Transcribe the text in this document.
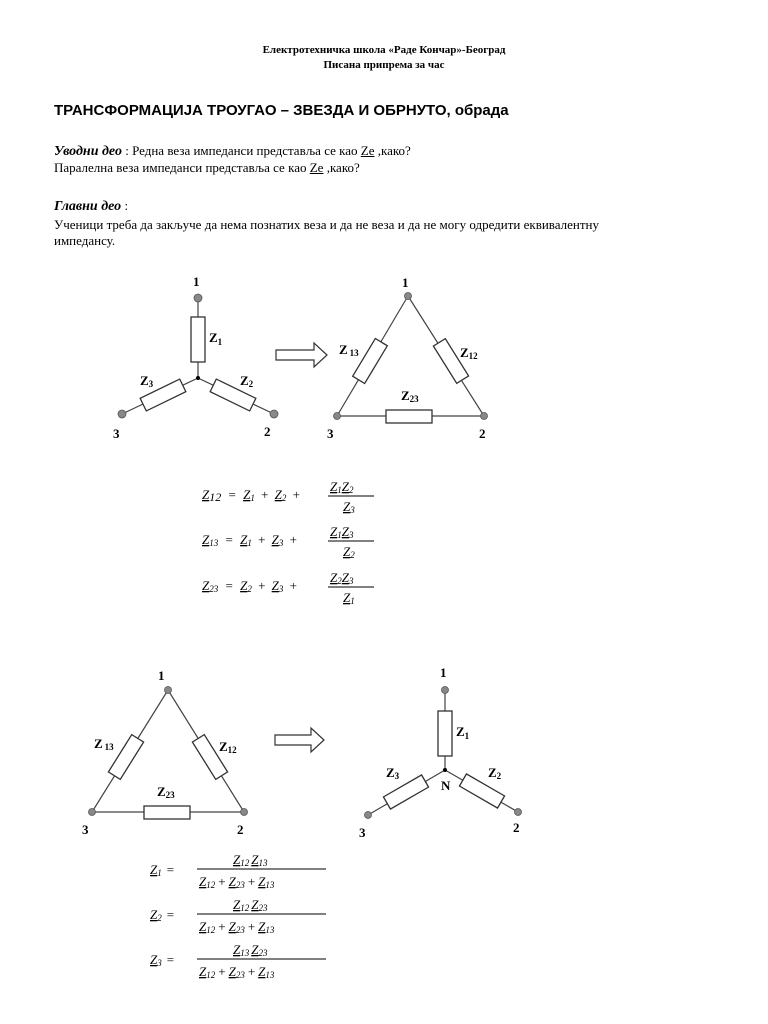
Електротехничка школа «Раде Кончар»-Београд
Писана припрема за час
ТРАНСФОРМАЦИЈА ТРОУГАО – ЗВЕЗДА И ОБРНУТО, обрада
Уводни део : Редна веза импеданси представља се као Ze ,како?
Паралелна веза импеданси представља се као Ze ,како?
Главни део :
Ученици треба да закључе да нема познатих веза и да не веза и да не могу одредити еквивалентну
импедансу.
1
3	2
$Z_1$
Z3	Z2
1
3	2
Z 13	Z12
Z23
Z12 = Z1 + Z2 +
Z1Z2
Z3
Z13 = Z1 + Z3 +
Z1Z3
Z2
Z23 = Z2 + Z3 +
Z2Z3
Z1
1
3	2
Z 13	Z12
Z23
1
3	2
N
$Z_1$
Z3	Z2
Z1 =
Z12 Z13
Z12 + Z23 + Z13
Z2 =
Z12 Z23
Z12 + Z23 + Z13
Z3 =
Z13 Z23
Z12 + Z23 + Z13
